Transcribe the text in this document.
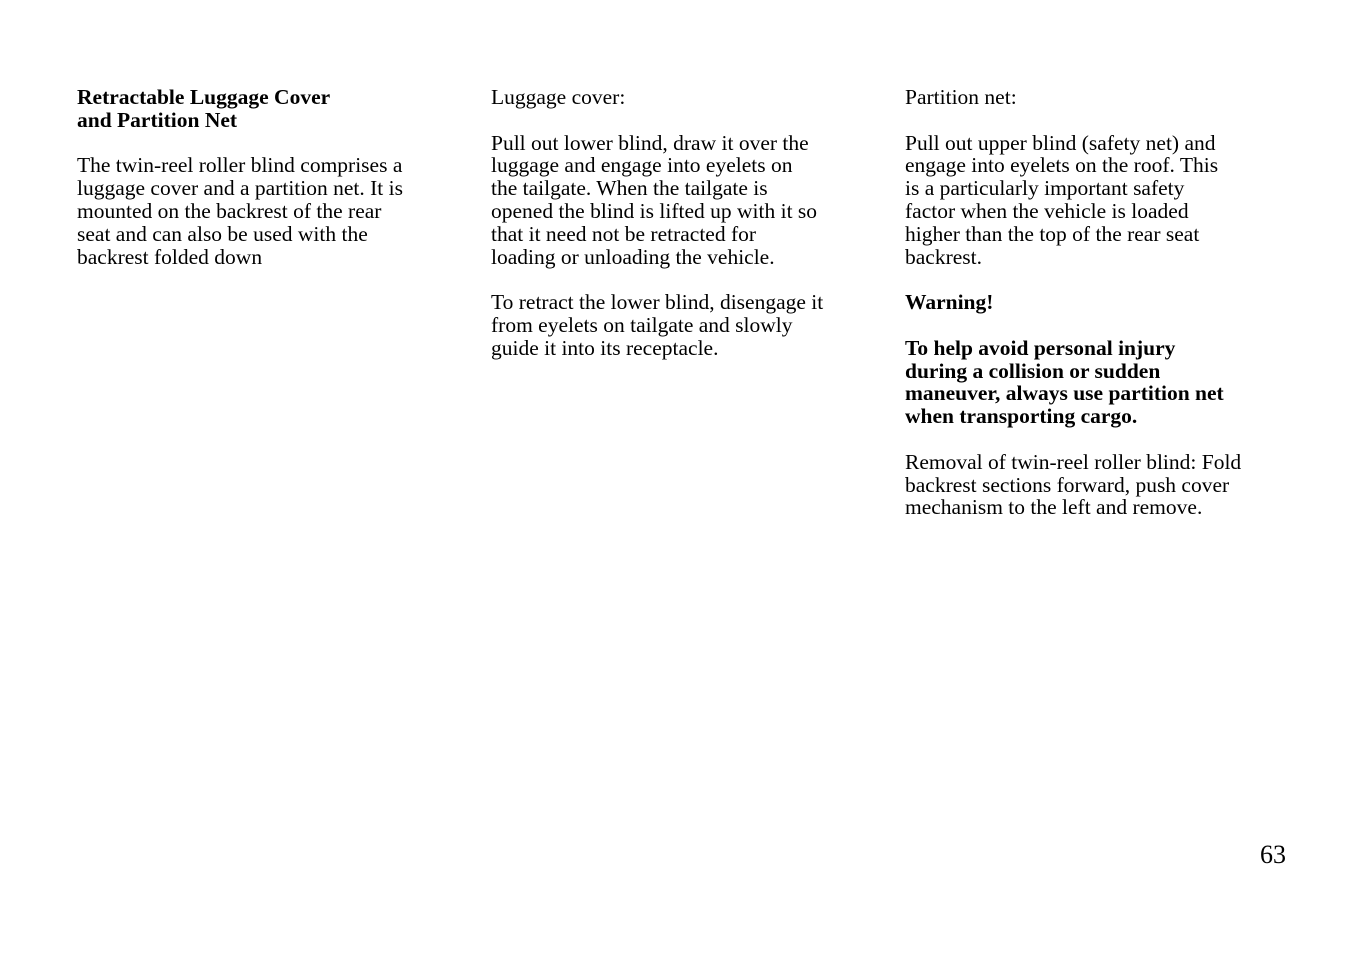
Retractable Luggage Cover
and Partition Net
The twin-reel roller blind comprises a
luggage cover and a partition net. It is
mounted on the backrest of the rear
seat and can also be used with the
backrest folded down
Luggage cover:
Pull out lower blind, draw it over the
luggage and engage into eyelets on
the tailgate. When the tailgate is
opened the blind is lifted up with it so
that it need not be retracted for
loading or unloading the vehicle.
To retract the lower blind, disengage it
from eyelets on tailgate and slowly
guide it into its receptacle.
Partition net:
Pull out upper blind (safety net) and
engage into eyelets on the roof. This
is a particularly important safety
factor when the vehicle is loaded
higher than the top of the rear seat
backrest.
Warning!
To help avoid personal injury
during a collision or sudden
maneuver, always use partition net
when transporting cargo.
Removal of twin-reel roller blind: Fold
backrest sections forward, push cover
mechanism to the left and remove.
63
